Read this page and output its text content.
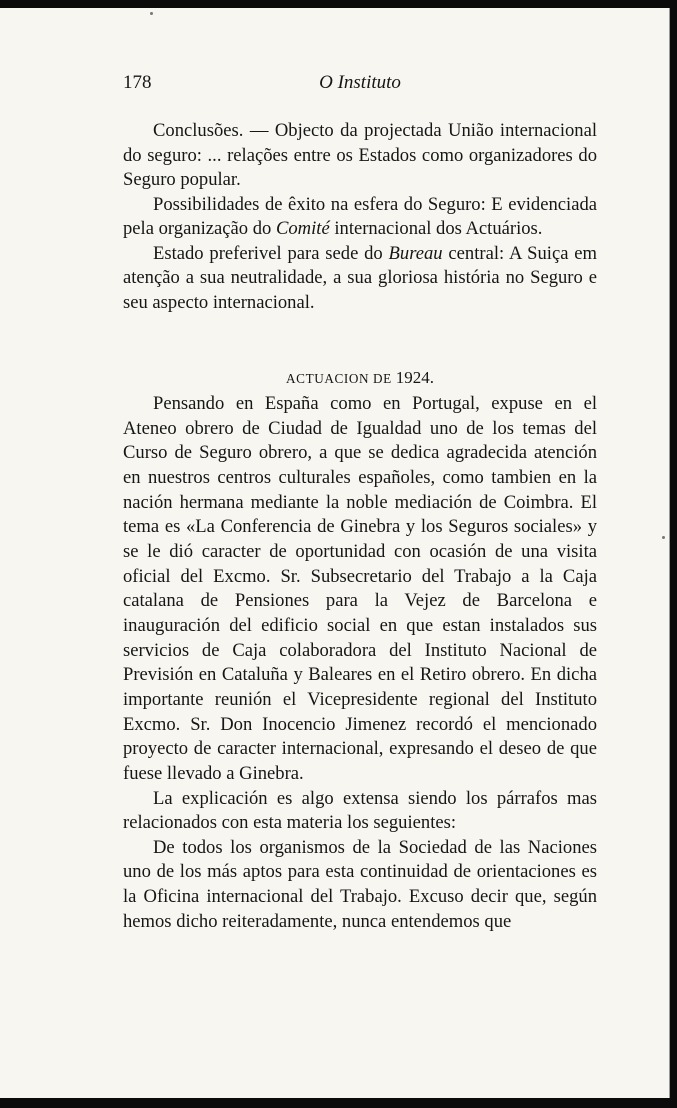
178	O Instituto

Conclusões. — Objecto da projectada União internacional do seguro: ... relações entre os Estados como organizadores do Seguro popular.

Possibilidades de êxito na esfera do Seguro: E evidenciada pela organização do Comité internacional dos Actuários.

Estado preferivel para sede do Bureau central: A Suiça em atenção a sua neutralidade, a sua gloriosa história no Seguro e seu aspecto internacional.

ACTUACION DE 1924.

Pensando en España como en Portugal, expuse en el Ateneo obrero de Ciudad de Igualdad uno de los temas del Curso de Seguro obrero, a que se dedica agradecida atención en nuestros centros culturales españoles, como tambien en la nación hermana mediante la noble mediación de Coimbra. El tema es «La Conferencia de Ginebra y los Seguros sociales» y se le dió caracter de oportunidad con ocasión de una visita oficial del Excmo. Sr. Subsecretario del Trabajo a la Caja catalana de Pensiones para la Vejez de Barcelona e inauguración del edificio social en que estan instalados sus servicios de Caja colaboradora del Instituto Nacional de Previsión en Cataluña y Baleares en el Retiro obrero. En dicha importante reunión el Vicepresidente regional del Instituto Excmo. Sr. Don Inocencio Jimenez recordó el mencionado proyecto de caracter internacional, expresando el deseo de que fuese llevado a Ginebra.

La explicación es algo extensa siendo los párrafos mas relacionados con esta materia los seguientes:

De todos los organismos de la Sociedad de las Naciones uno de los más aptos para esta continuidad de orientaciones es la Oficina internacional del Trabajo. Excuso decir que, según hemos dicho reiteradamente, nunca entendemos que
